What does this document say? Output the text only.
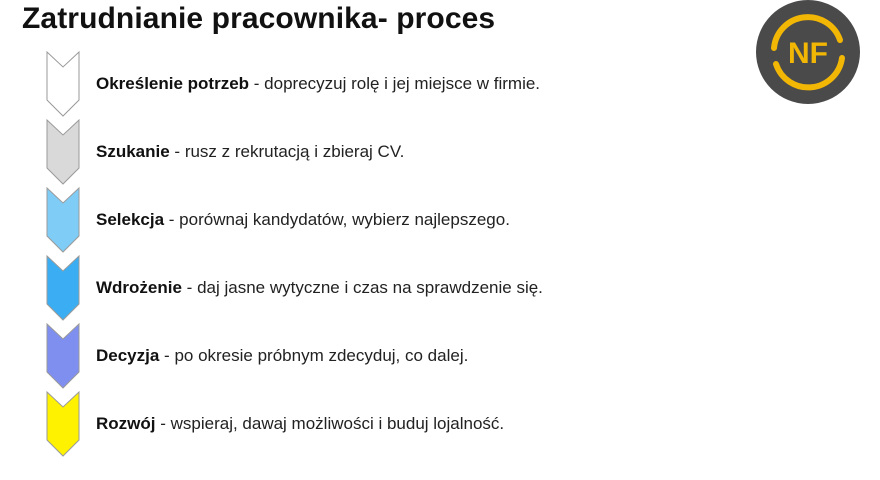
Zatrudnianie pracownika- proces
NF
Określenie potrzeb - doprecyzuj rolę i jej miejsce w firmie.
Szukanie - rusz z rekrutacją i zbieraj CV.
Selekcja - porównaj kandydatów, wybierz najlepszego.
Wdrożenie - daj jasne wytyczne i czas na sprawdzenie się.
Decyzja - po okresie próbnym zdecyduj, co dalej.
Rozwój - wspieraj, dawaj możliwości i buduj lojalność.
